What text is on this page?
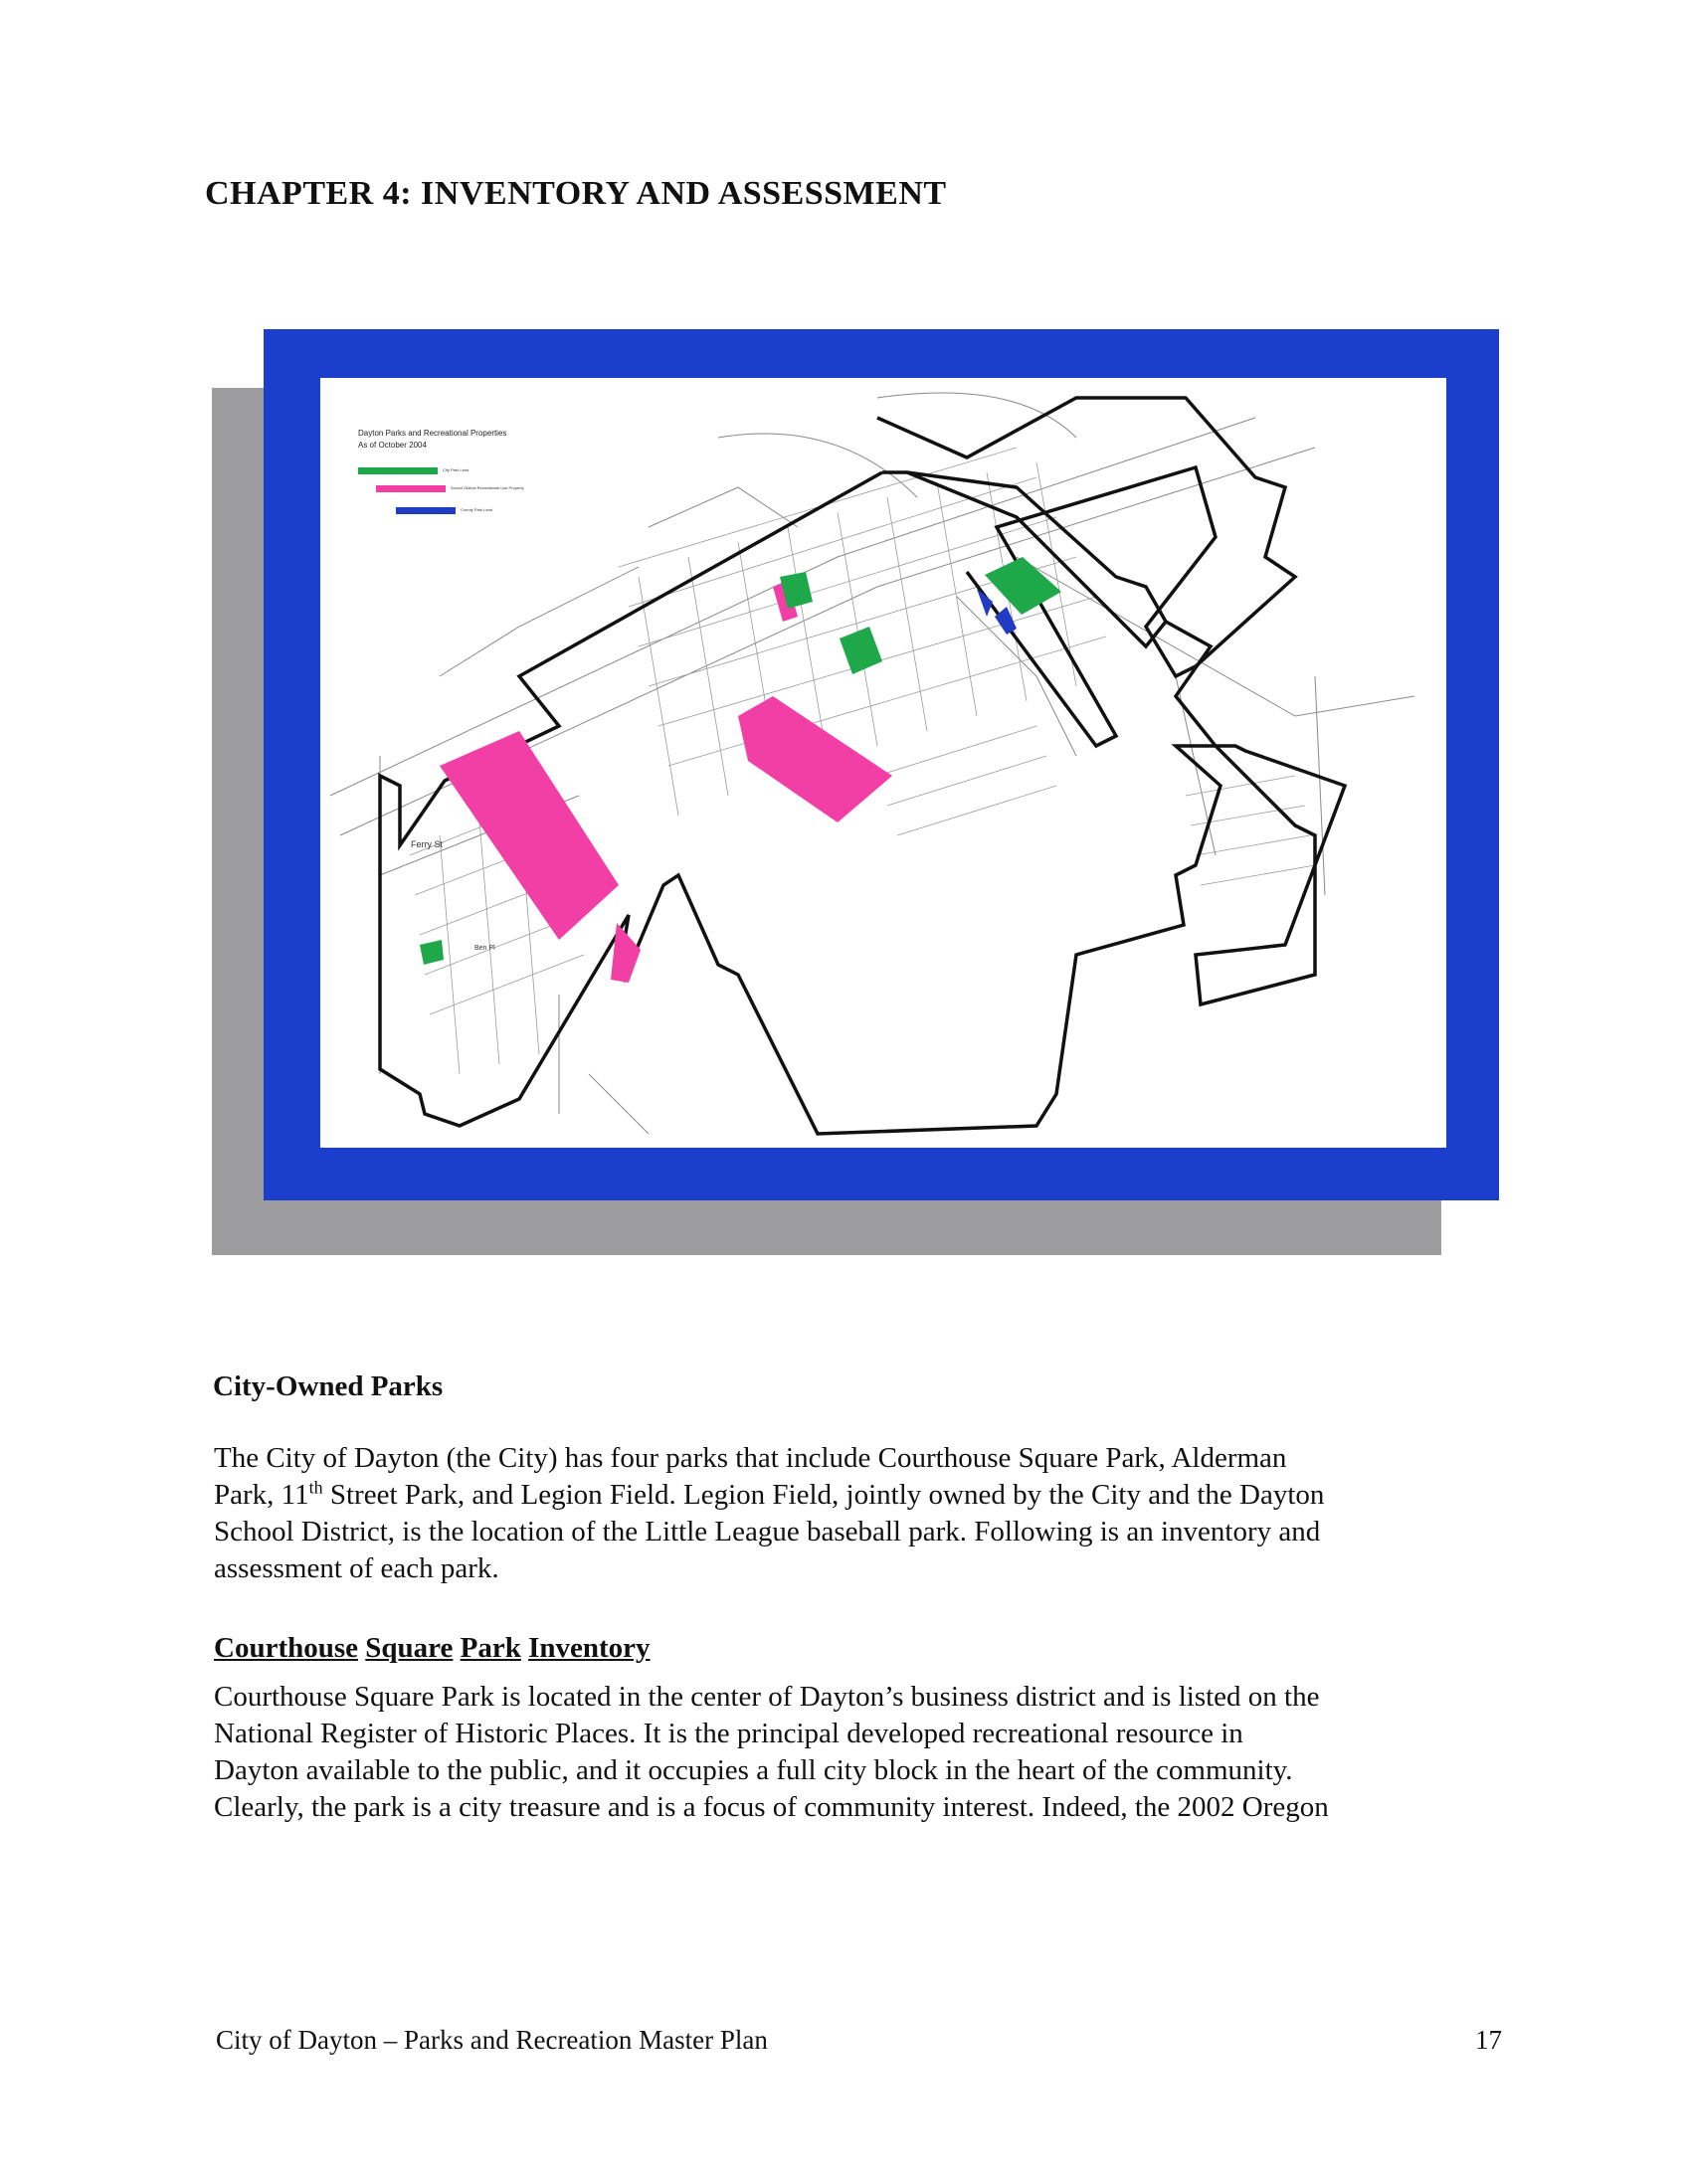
CHAPTER 4: INVENTORY AND ASSESSMENT
Ferry St
Ben Pl
Dayton Parks and Recreational Properties
As of October 2004
City Park Land
School District Recreational Use Property
County Park Land
City-Owned Parks

The City of Dayton (the City) has four parks that include Courthouse Square Park, Alderman
Park, 11th Street Park, and Legion Field. Legion Field, jointly owned by the City and the Dayton
School District, is the location of the Little League baseball park. Following is an inventory and
assessment of each park.

Courthouse Square Park Inventory

Courthouse Square Park is located in the center of Dayton’s business district and is listed on the
National Register of Historic Places. It is the principal developed recreational resource in
Dayton available to the public, and it occupies a full city block in the heart of the community.
Clearly, the park is a city treasure and is a focus of community interest. Indeed, the 2002 Oregon

City of Dayton – Parks and Recreation Master Plan	17
